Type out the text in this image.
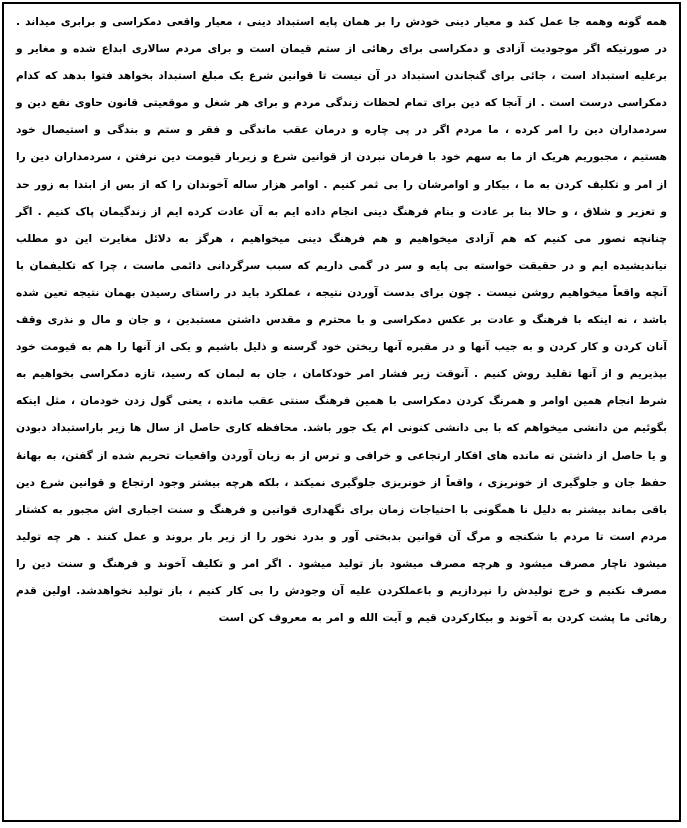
همه گونه وهمه جا عمل کند و معیار دینی خودش را بر همان پایه استبداد دینی ، معیار واقعی دمکراسی و برابری میداند . در صورتیکه اگر موجودیت آزادی و دمکراسی برای رهائی از ستم قیمان است و برای مردم سالاری ابداع شده و مغایر و برعلیه استبداد است ، جائی برای گنجاندن استبداد در آن نیست تا قوانین شرع یک مبلغ استبداد بخواهد فتوا بدهد که کدام دمکراسی درست است . از آنجا که دین برای تمام لحظات زندگی مردم و برای هر شغل و موقعیتی قانون حاوی نفع دین و سردمداران دین را امر کرده ، ما مردم اگر در پی چاره و درمان عقب ماندگی و فقر و ستم و بندگی و استیصال خود هستیم ، مجبوریم هریک از ما به سهم خود با فرمان نبردن از قوانین شرع و زیربار قیومت دین نرفتن ، سردمداران دین را از امر و تکلیف کردن به ما ، بیکار و اوامرشان را بی ثمر کنیم . اوامر هزار ساله آخوندان را که از بس از ابتدا به زور حد و تعزیر و شلاق ، و حالا بنا بر عادت و بنام فرهنگ دینی انجام داده ایم به آن عادت کرده ایم از زندگیمان پاک کنیم . اگر چنانچه تصور می کنیم که هم آزادی میخواهیم و هم فرهنگ دینی میخواهیم ، هرگز به دلائل مغایرت این دو مطلب نیاندیشیده ایم و در حقیقت خواسته بی پایه و سر در گمی داریم که سبب سرگردانی دائمی ماست ، چرا که تکلیفمان با آنچه واقعاً میخواهیم روشن نیست . چون برای بدست آوردن نتیجه ، عملکرد باید در راستای رسیدن بهمان نتیجه تعین شده باشد ، نه اینکه با فرهنگ و عادت بر عکس دمکراسی و با محترم و مقدس داشتن مستبدین ، و جان و مال و نذری وقف آنان کردن و کار کردن و به جیب آنها و در مقبره آنها ریختن خود گرسنه و ذلیل باشیم و یکی از آنها را هم به قیومت خود بپذیریم و از آنها تقلید روش کنیم . آنوقت زیر فشار امر خودکامان ، جان به لبمان که رسید، تازه دمکراسی بخواهیم به شرط انجام همین اوامر و همرنگ کردن دمکراسی با همین فرهنگ سنتی عقب مانده ، یعنی گول زدن خودمان ، مثل اینکه بگوئیم من دانشی میخواهم که با بی دانشی کنونی ام یک جور باشد. محافظه کاری حاصل از سال ها زیر باراستبداد دبودن و یا حاصل از داشتن ته مانده های افکار ارتجاعی و خرافی و ترس از به زبان آوردن واقعیات تحریم شده از گفتن، به بهانهٔ حفظ جان و جلوگیری از خونریزی ، واقعاً از خونریزی جلوگیری نمیکند ، بلکه هرچه بیشتر وجود ارتجاع و قوانین شرع دین باقی بماند بیشتر به دلیل نا همگونی با احتیاجات زمان برای نگهداری قوانین و فرهنگ و سنت اجباری اش مجبور به کشتار مردم است تا مردم با شکنجه و مرگ آن قوانین بدبختی آور و بدرد نخور را از زیر بار بروند و عمل کنند . هر چه تولید میشود ناچار مصرف میشود و هرچه مصرف میشود باز تولید میشود . اگر امر و تکلیف آخوند و فرهنگ و سنت دین را مصرف نکنیم و خرج تولیدش را نپردازیم و باعملکردن علیه آن وجودش را بی کار کنیم ، باز تولید نخواهدشد. اولین قدم رهائی ما پشت کردن به آخوند و بیکارکردن قیم و آیت الله و امر به معروف کن است
